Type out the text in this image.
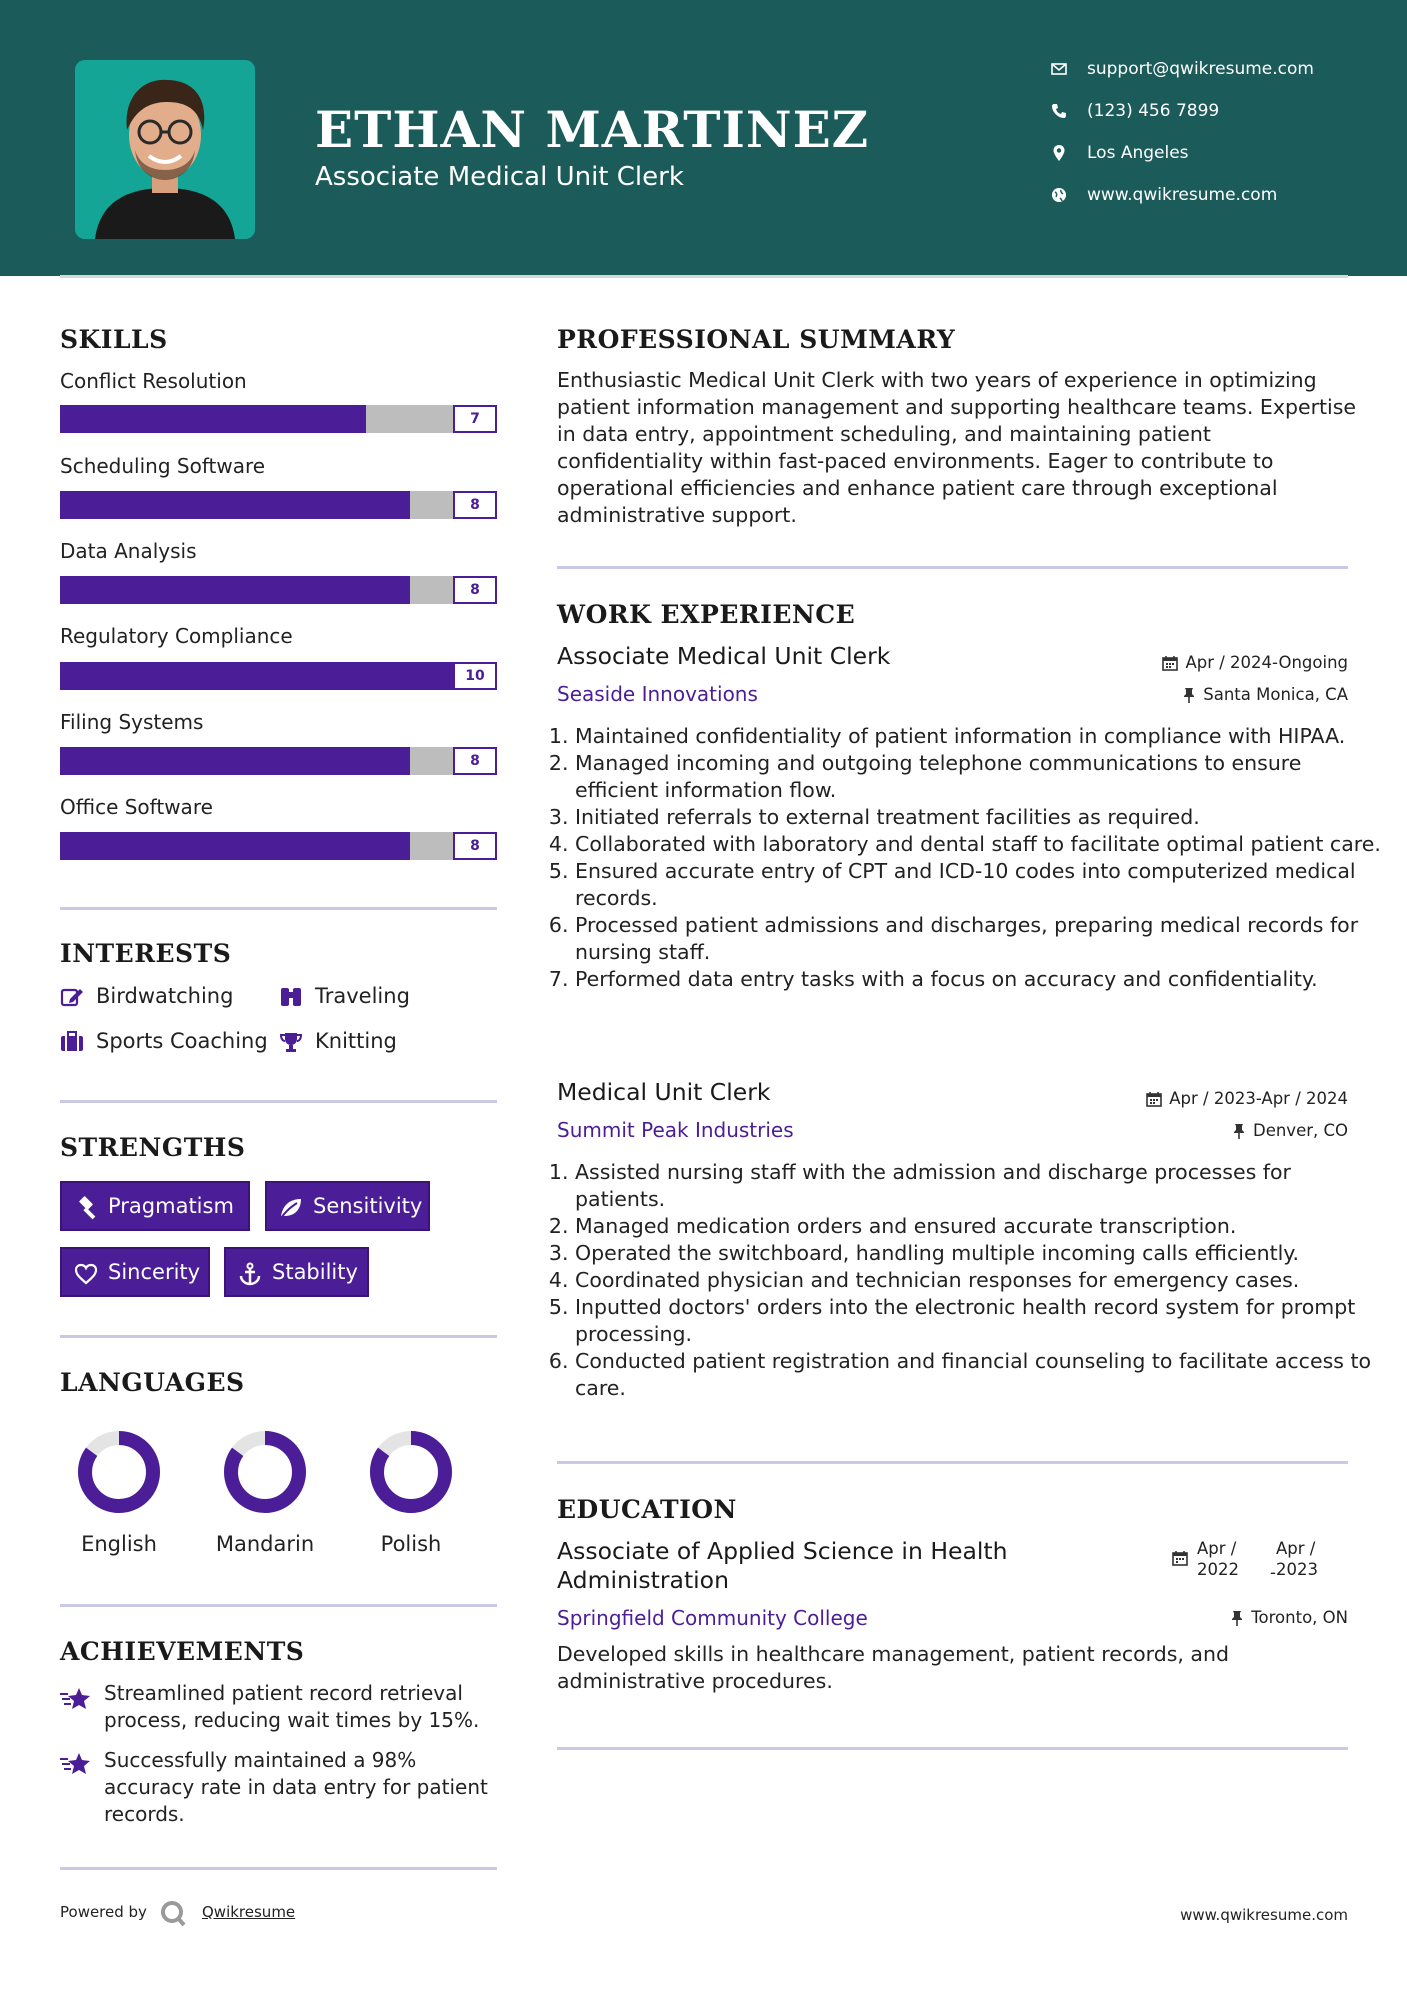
ETHAN MARTINEZ
Associate Medical Unit Clerk
support@qwikresume.com
(123) 456 7899
Los Angeles
www.qwikresume.com
SKILLS
Conflict Resolution
7
Scheduling Software
8
Data Analysis
8
Regulatory Compliance
10
Filing Systems
8
Office Software
8
INTERESTS
Birdwatching	Traveling
Sports Coaching Knitting
STRENGTHS
Pragmatism	Sensitivity
Sincerity	Stability
LANGUAGES
English	Mandarin	Polish
ACHIEVEMENTS
Streamlined patient record retrieval process, reducing wait times by 15%.
Successfully maintained a 98% accuracy rate in data entry for patient records.
PROFESSIONAL SUMMARY
Enthusiastic Medical Unit Clerk with two years of experience in optimizing patient information management and supporting healthcare teams. Expertise in data entry, appointment scheduling, and maintaining patient confidentiality within fast-paced environments. Eager to contribute to operational efficiencies and enhance patient care through exceptional administrative support.
WORK EXPERIENCE
Associate Medical Unit Clerk	Apr / 2024-Ongoing
Seaside Innovations	Santa Monica, CA
1. Maintained confidentiality of patient information in compliance with HIPAA.
2. Managed incoming and outgoing telephone communications to ensure efficient information flow.
3. Initiated referrals to external treatment facilities as required.
4. Collaborated with laboratory and dental staff to facilitate optimal patient care.
5. Ensured accurate entry of CPT and ICD-10 codes into computerized medical records.
6. Processed patient admissions and discharges, preparing medical records for nursing staff.
7. Performed data entry tasks with a focus on accuracy and confidentiality.
Medical Unit Clerk	Apr / 2023-Apr / 2024
Summit Peak Industries	Denver, CO
1. Assisted nursing staff with the admission and discharge processes for patients.
2. Managed medication orders and ensured accurate transcription.
3. Operated the switchboard, handling multiple incoming calls efficiently.
4. Coordinated physician and technician responses for emergency cases.
5. Inputted doctors' orders into the electronic health record system for prompt processing.
6. Conducted patient registration and financial counseling to facilitate access to care.
EDUCATION
Associate of Applied Science in Health
Administration
Apr /
2022 -
Apr /
2023
Springfield Community College	Toronto, ON
Developed skills in healthcare management, patient records, and administrative procedures.
Powered by	Qwikresume	www.qwikresume.com
